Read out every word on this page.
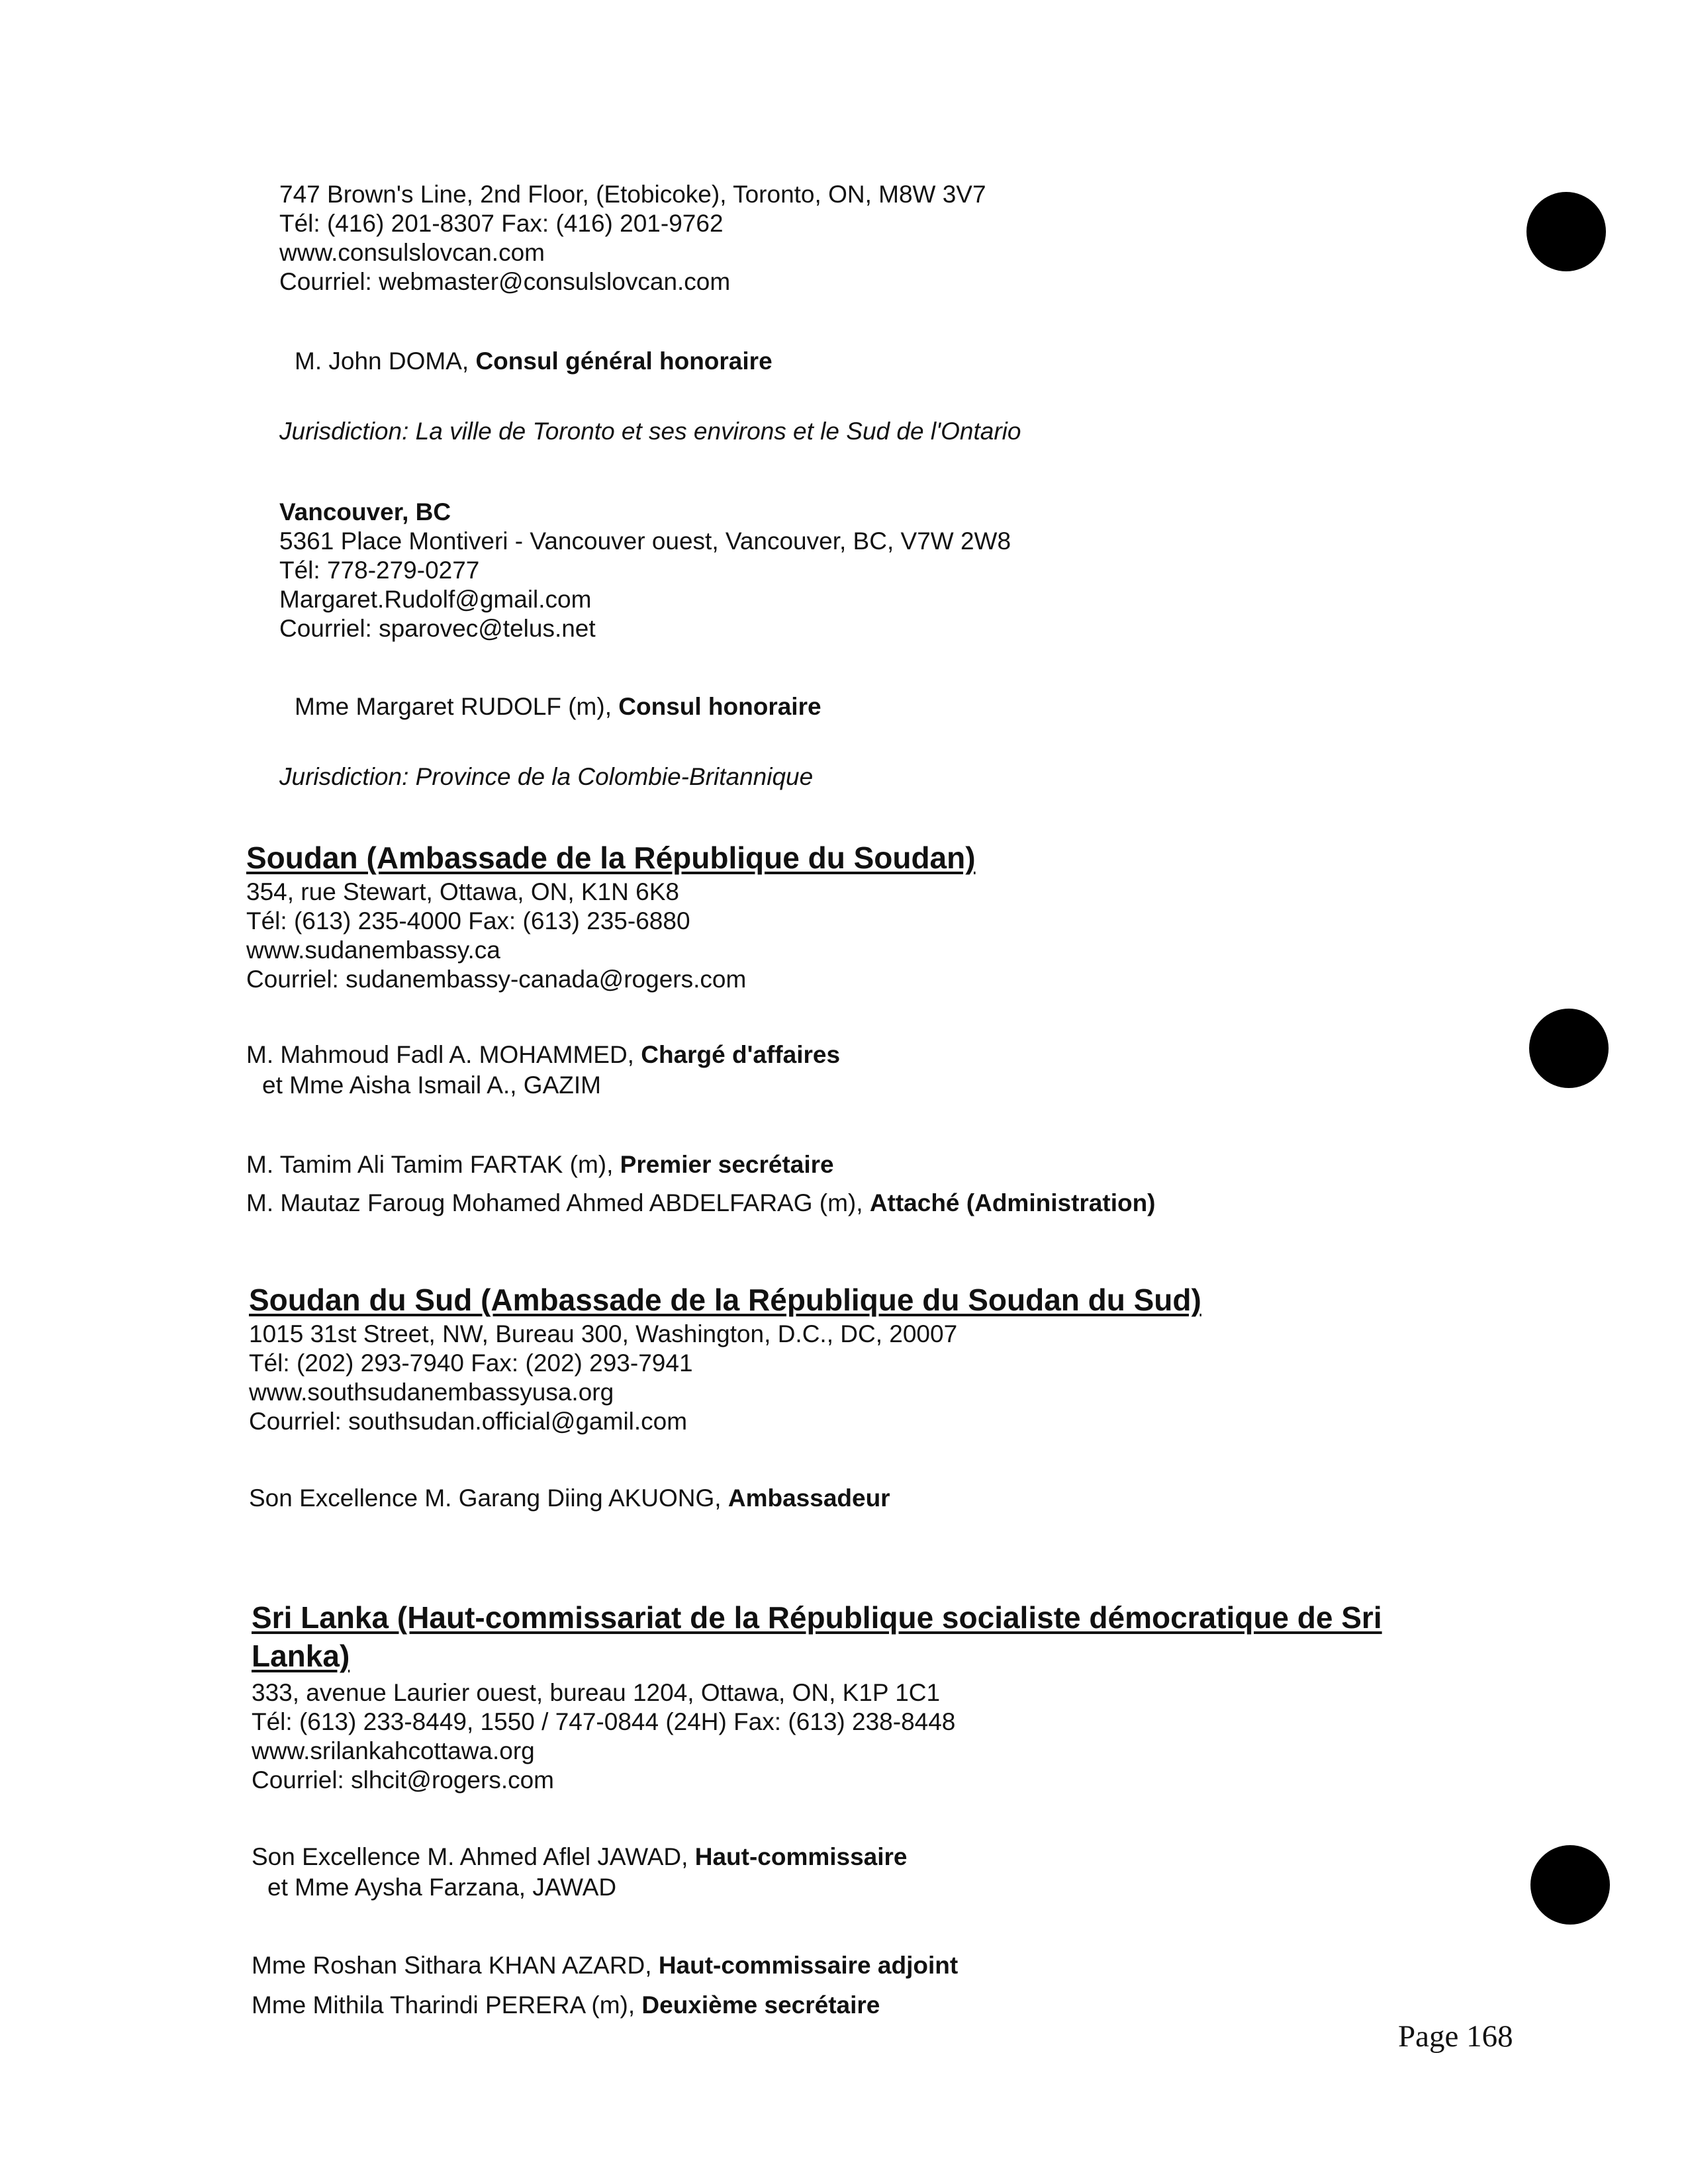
747 Brown's Line, 2nd Floor, (Etobicoke), Toronto, ON, M8W 3V7
Tél: (416) 201-8307 Fax: (416) 201-9762
www.consulslovcan.com
Courriel: webmaster@consulslovcan.com
M. John DOMA, Consul général honoraire
Jurisdiction: La ville de Toronto et ses environs et le Sud de l'Ontario
Vancouver, BC
5361 Place Montiveri - Vancouver ouest, Vancouver, BC, V7W 2W8
Tél: 778-279-0277
Margaret.Rudolf@gmail.com
Courriel: sparovec@telus.net
Mme Margaret RUDOLF (m), Consul honoraire
Jurisdiction: Province de la Colombie-Britannique
Soudan (Ambassade de la République du Soudan)
354, rue Stewart, Ottawa, ON, K1N 6K8
Tél: (613) 235-4000 Fax: (613) 235-6880
www.sudanembassy.ca
Courriel: sudanembassy-canada@rogers.com
M. Mahmoud Fadl A. MOHAMMED, Chargé d'affaires
et Mme Aisha Ismail A., GAZIM
M. Tamim Ali Tamim FARTAK (m), Premier secrétaire
M. Mautaz Faroug Mohamed Ahmed ABDELFARAG (m), Attaché (Administration)
Soudan du Sud (Ambassade de la République du Soudan du Sud)
1015 31st Street, NW, Bureau 300, Washington, D.C., DC, 20007
Tél: (202) 293-7940 Fax: (202) 293-7941
www.southsudanembassyusa.org
Courriel: southsudan.official@gamil.com
Son Excellence M. Garang Diing AKUONG, Ambassadeur
Sri Lanka (Haut-commissariat de la République socialiste démocratique de Sri
Lanka)
333, avenue Laurier ouest, bureau 1204, Ottawa, ON, K1P 1C1
Tél: (613) 233-8449, 1550 / 747-0844 (24H) Fax: (613) 238-8448
www.srilankahcottawa.org
Courriel: slhcit@rogers.com
Son Excellence M. Ahmed Aflel JAWAD, Haut-commissaire
et Mme Aysha Farzana, JAWAD
Mme Roshan Sithara KHAN AZARD, Haut-commissaire adjoint
Mme Mithila Tharindi PERERA (m), Deuxième secrétaire
Page 168
